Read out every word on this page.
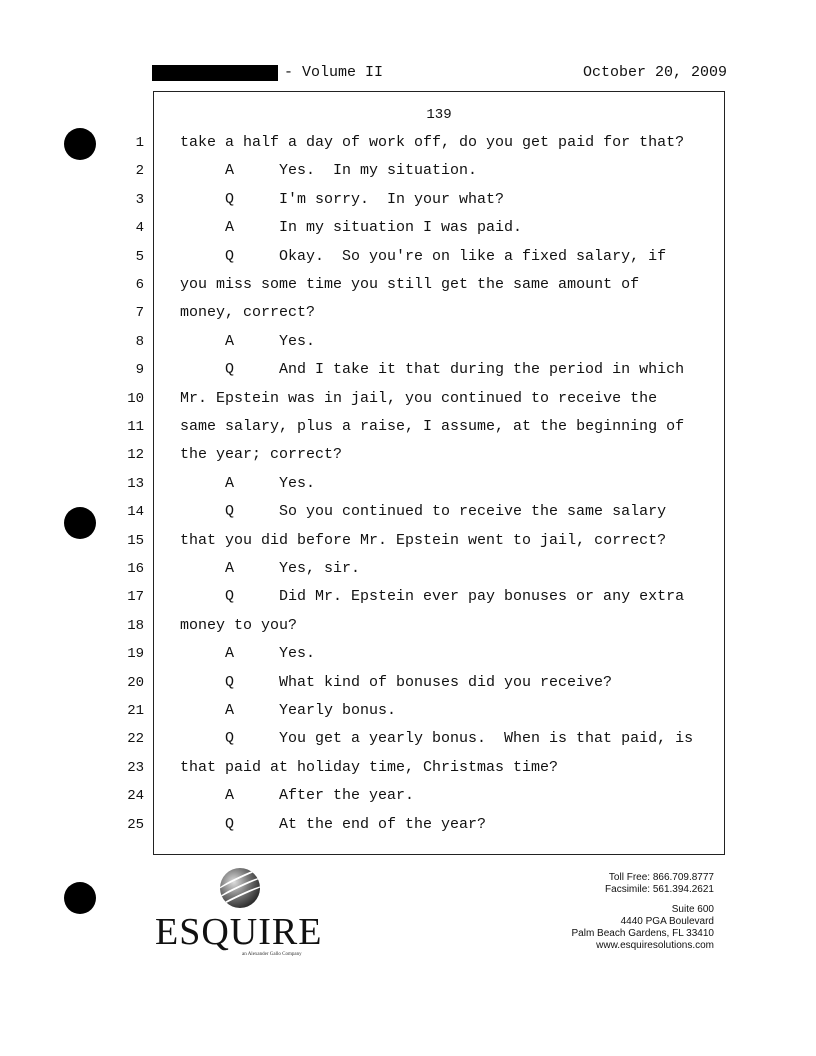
- Volume II	October 20, 2009
139
1 take a half a day of work off, do you get paid for that?
2	A     Yes.  In my situation.
3	Q     I'm sorry.  In your what?
4	A     In my situation I was paid.
5	Q     Okay.  So you're on like a fixed salary, if
6 you miss some time you still get the same amount of
7 money, correct?
8	A     Yes.
9	Q     And I take it that during the period in which
10 Mr. Epstein was in jail, you continued to receive the
11 same salary, plus a raise, I assume, at the beginning of
12 the year; correct?
13	A     Yes.
14	Q     So you continued to receive the same salary
15 that you did before Mr. Epstein went to jail, correct?
16	A     Yes, sir.
17	Q     Did Mr. Epstein ever pay bonuses or any extra
18 money to you?
19	A     Yes.
20	Q     What kind of bonuses did you receive?
21	A     Yearly bonus.
22	Q     You get a yearly bonus.  When is that paid, is
23 that paid at holiday time, Christmas time?
24	A     After the year.
25	Q     At the end of the year?
ESQUIRE
an Alexander Gallo Company
Toll Free: 866.709.8777
Facsimile: 561.394.2621
Suite 600
4440 PGA Boulevard
Palm Beach Gardens, FL 33410
www.esquiresolutions.com
